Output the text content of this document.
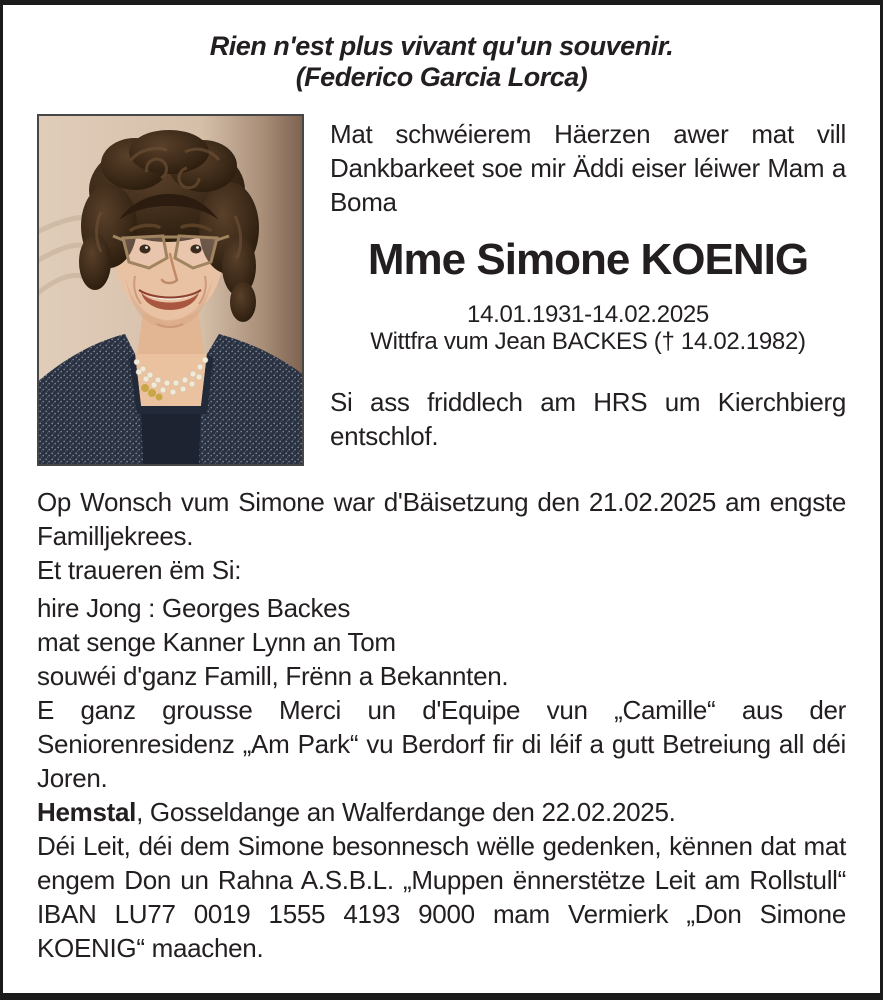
Rien n'est plus vivant qu'un souvenir.
(Federico Garcia Lorca)

Mat schwéierem Häerzen awer mat vill Dankbarkeet soe mir Äddi eiser léiwer Mam a Boma

Mme Simone KOENIG
14.01.1931-14.02.2025
Wittfra vum Jean BACKES († 14.02.1982)

Si ass friddlech am HRS um Kierchbierg entschlof.

Op Wonsch vum Simone war d'Bäisetzung den 21.02.2025 am engste Familljekrees.

Et traueren ëm Si:

hire Jong : Georges Backes
mat senge Kanner Lynn an Tom

souwéi d'ganz Famill, Frënn a Bekannten.

E ganz grousse Merci un d'Equipe vun „Camille“ aus der Seniorenresidenz „Am Park“ vu Berdorf fir di léif a gutt Betreiung all déi Joren.

Hemstal, Gosseldange an Walferdange den 22.02.2025.

Déi Leit, déi dem Simone besonnesch wëlle gedenken, kënnen dat mat engem Don un Rahna A.S.B.L. „Muppen ënnerstëtze Leit am Rollstull“ IBAN LU77 0019 1555 4193 9000 mam Vermierk „Don Simone KOENIG“ maachen.
